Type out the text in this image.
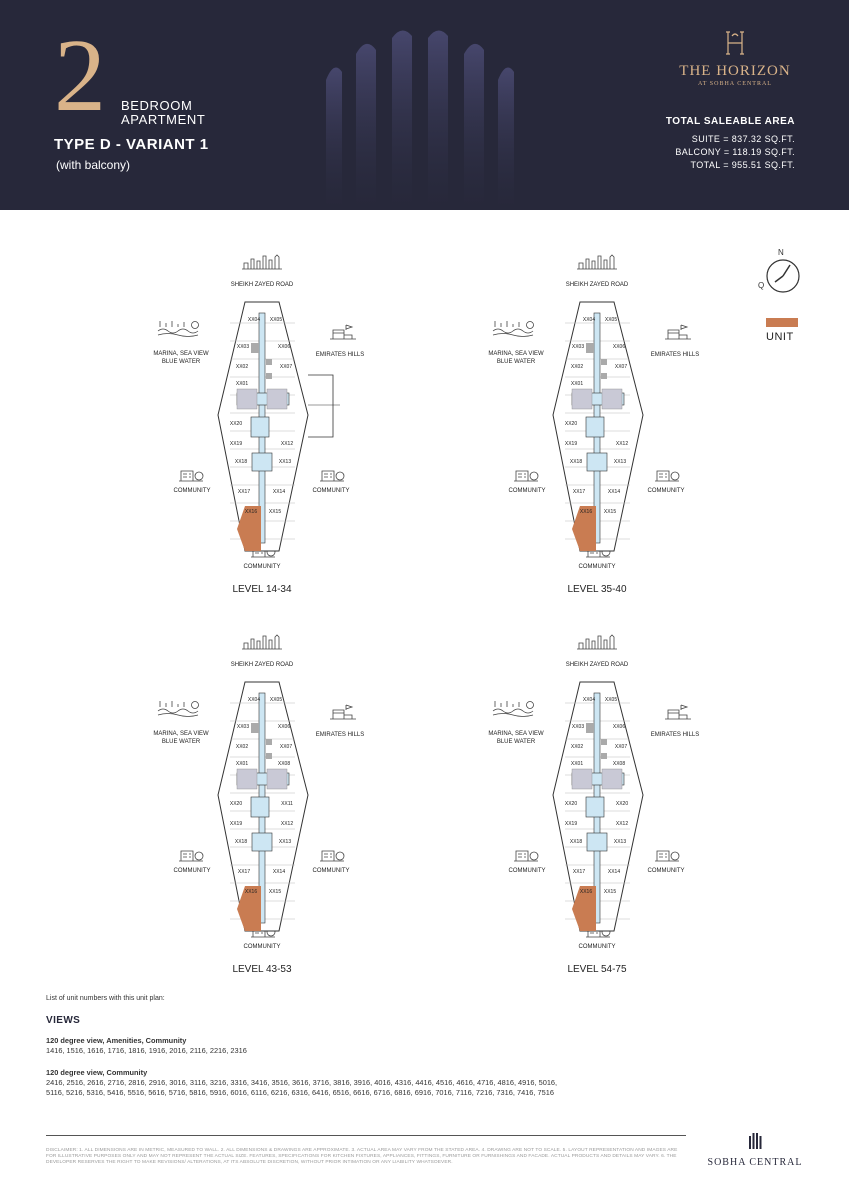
2 BEDROOM
APARTMENT
TYPE D - VARIANT 1
(with balcony)
THE HORIZON
AT SOBHA CENTRAL
TOTAL SALEABLE AREA
SUITE = 837.32 SQ.FT.
BALCONY = 118.19 SQ.FT.
TOTAL = 955.51 SQ.FT.
SHEIKH ZAYED ROAD
MARINA, SEA VIEW
BLUE WATER
EMIRATES HILLS
COMMUNITY	COMMUNITY
COMMUNITY
XX04 XX05
XX03	XX06
XX02	XX07
XX01
XX20
XX12
XX19
XX18	XX13
XX17	XX14
XX16 XX15
LEVEL 14-34
SHEIKH ZAYED ROAD
MARINA, SEA VIEW
BLUE WATER
EMIRATES HILLS
COMMUNITY	COMMUNITY
COMMUNITY
XX04 XX05
XX03	XX06
XX02	XX07
XX01
XX20
XX12
XX19
XX18	XX13
XX17	XX14
XX16 XX15
LEVEL 35-40
SHEIKH ZAYED ROAD
MARINA, SEA VIEW
BLUE WATER
EMIRATES HILLS
COMMUNITY	COMMUNITY
COMMUNITY
XX04 XX05
XX03	XX06
XX02	XX07
XX01	XX08
XX20	XX11
XX19	XX12
XX18	XX13
XX17	XX14
XX16 XX15
LEVEL 43-53
SHEIKH ZAYED ROAD
MARINA, SEA VIEW
BLUE WATER
EMIRATES HILLS
COMMUNITY	COMMUNITY
COMMUNITY
XX04 XX05
XX03	XX06
XX02	XX07
XX01	XX08
XX20	XX20
XX19	XX12
XX18	XX13
XX17	XX14
XX16 XX15
LEVEL 54-75
N
Q
UNIT
List of unit numbers with this unit plan:
VIEWS
120 degree view, Amenities, Community
1416, 1516, 1616, 1716, 1816, 1916, 2016, 2116, 2216, 2316
120 degree view, Community
2416, 2516, 2616, 2716, 2816, 2916, 3016, 3116, 3216, 3316, 3416, 3516, 3616, 3716, 3816, 3916, 4016, 4316, 4416, 4516, 4616, 4716, 4816, 4916, 5016, 5116, 5216, 5316, 5416, 5516, 5616, 5716, 5816, 5916, 6016, 6116, 6216, 6316, 6416, 6516, 6616, 6716, 6816, 6916, 7016, 7116, 7216, 7316, 7416, 7516
DISCLAIMER: 1. ALL DIMENSIONS ARE IN METRIC, MEASURED TO WALL. 2. ALL DIMENSIONS & DRAWINGS ARE APPROXIMATE. 3. ACTUAL AREA MAY VARY FROM THE STATED AREA. 4. DRAWING ARE NOT TO SCALE. 5. LAYOUT REPRESENTATION AND IMAGES ARE FOR ILLUSTRATIVE PURPOSES ONLY AND MAY NOT REPRESENT THE ACTUAL SIZE. FEATURES, SPECIFICATIONS FOR KITCHEN FIXTURES, APPLIANCES, FITTINGS, FURNITURE OR FURNISHINGS AND FACADE. ACTUAL PRODUCTS AND DETAILS MAY VARY. 6. THE DEVELOPER RESERVES THE RIGHT TO MAKE REVISIONS/ ALTERATIONS, AT ITS ABSOLUTE DISCRETION, WITHOUT PRIOR INTIMATION OR ANY LIABILITY WHATSOEVER.	SOBHA CENTRAL
